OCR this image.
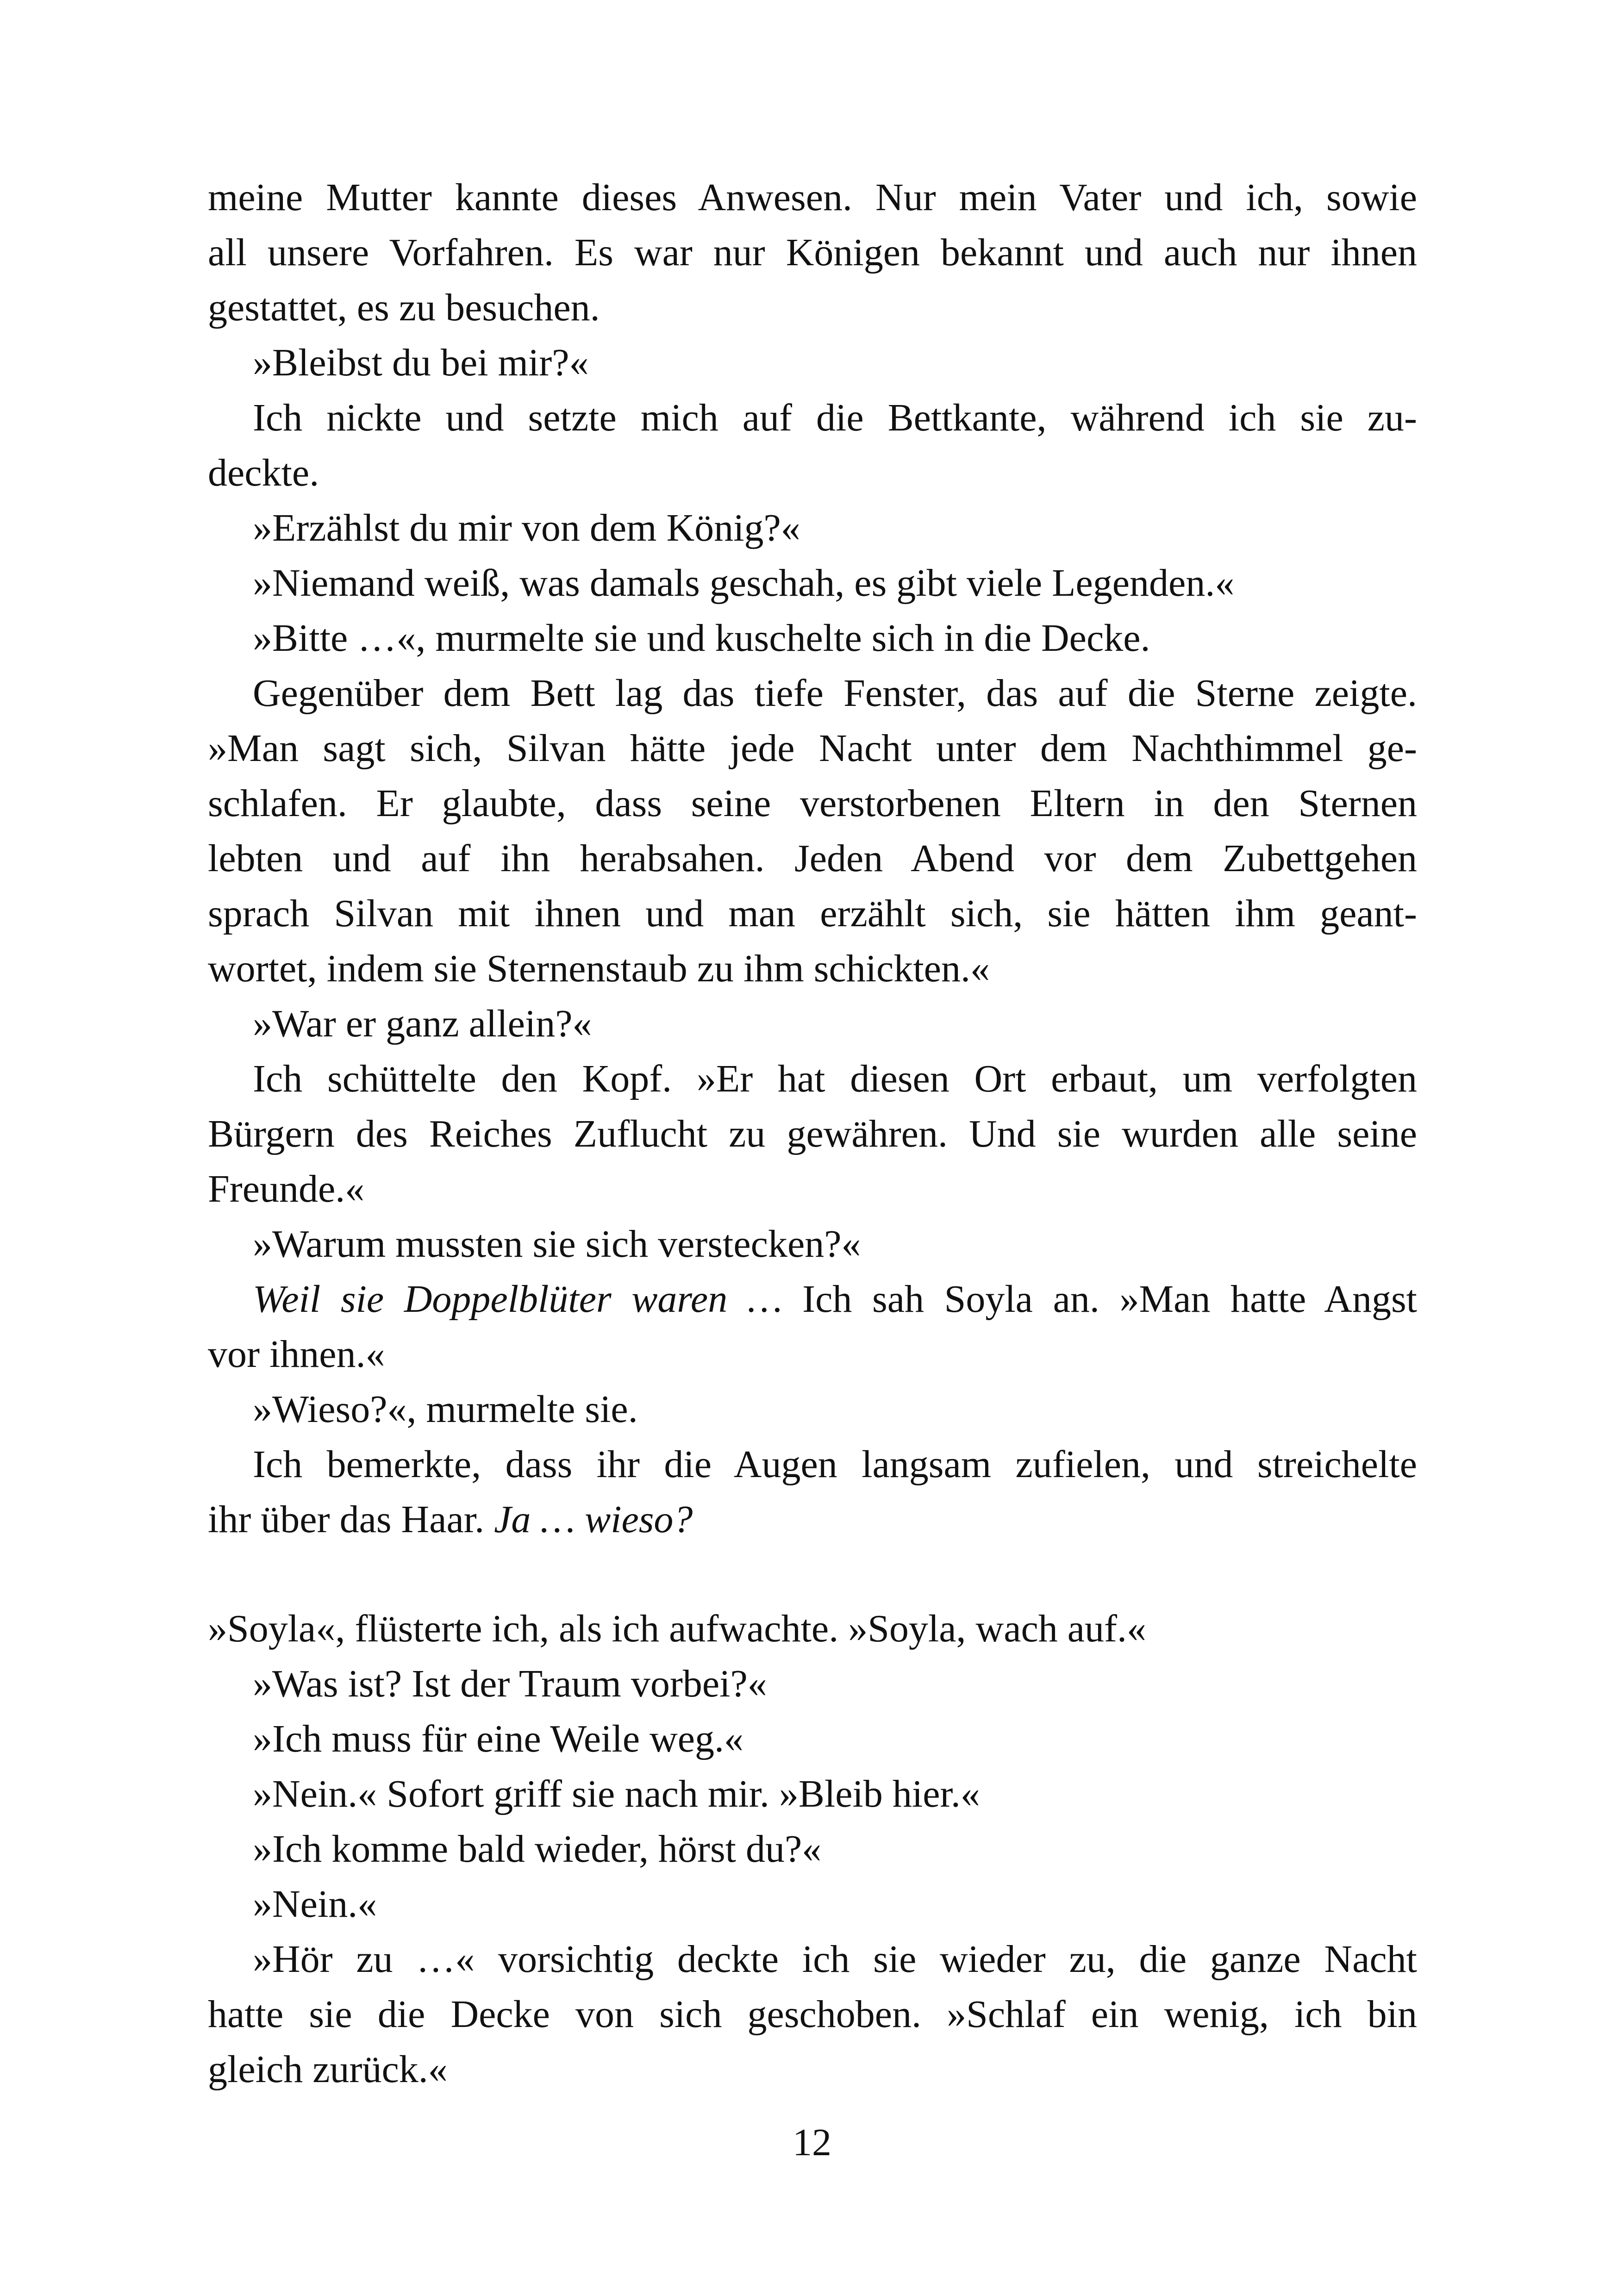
meine Mutter kannte dieses Anwesen. Nur mein Vater und ich, sowie
all unsere Vorfahren. Es war nur Königen bekannt und auch nur ihnen
gestattet, es zu besuchen.
»Bleibst du bei mir?«
Ich nickte und setzte mich auf die Bettkante, während ich sie zu-
deckte.
»Erzählst du mir von dem König?«
»Niemand weiß, was damals geschah, es gibt viele Legenden.«
»Bitte …«, murmelte sie und kuschelte sich in die Decke.
Gegenüber dem Bett lag das tiefe Fenster, das auf die Sterne zeigte.
»Man sagt sich, Silvan hätte jede Nacht unter dem Nachthimmel ge-
schlafen. Er glaubte, dass seine verstorbenen Eltern in den Sternen
lebten und auf ihn herabsahen. Jeden Abend vor dem Zubettgehen
sprach Silvan mit ihnen und man erzählt sich, sie hätten ihm geant-
wortet, indem sie Sternenstaub zu ihm schickten.«
»War er ganz allein?«
Ich schüttelte den Kopf. »Er hat diesen Ort erbaut, um verfolgten
Bürgern des Reiches Zuflucht zu gewähren. Und sie wurden alle seine
Freunde.«
»Warum mussten sie sich verstecken?«
Weil sie Doppelblüter waren … Ich sah Soyla an. »Man hatte Angst
vor ihnen.«
»Wieso?«, murmelte sie.
Ich bemerkte, dass ihr die Augen langsam zufielen, und streichelte
ihr über das Haar. Ja … wieso?
»Soyla«, flüsterte ich, als ich aufwachte. »Soyla, wach auf.«
»Was ist? Ist der Traum vorbei?«
»Ich muss für eine Weile weg.«
»Nein.« Sofort griff sie nach mir. »Bleib hier.«
»Ich komme bald wieder, hörst du?«
»Nein.«
»Hör zu …« vorsichtig deckte ich sie wieder zu, die ganze Nacht
hatte sie die Decke von sich geschoben. »Schlaf ein wenig, ich bin
gleich zurück.«
12
